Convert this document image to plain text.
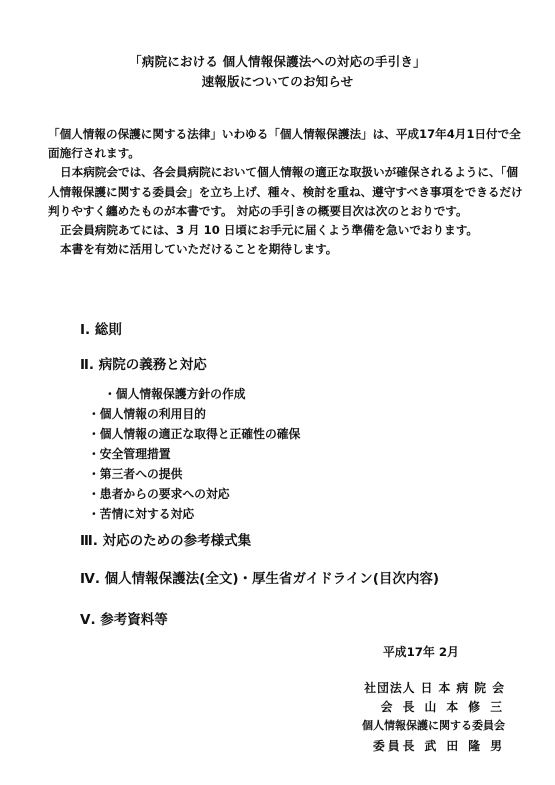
「病院における 個人情報保護法への対応の手引き」
速報版についてのお知らせ

「個人情報の保護に関する法律」いわゆる「個人情報保護法」は、平成17年4月1日付で全面施行されます。

日本病院会では、各会員病院において個人情報の適正な取扱いが確保されるように、「個人情報保護に関する委員会」を立ち上げ、種々、検討を重ね、遵守すべき事項をできるだけ判りやすく纏めたものが本書です。 対応の手引きの概要目次は次のとおりです。

正会員病院あてには、3 月 10 日頃にお手元に届くよう準備を急いでおります。

本書を有効に活用していただけることを期待します。

Ⅰ. 総則
Ⅱ. 病院の義務と対応
・個人情報保護方針の作成
・個人情報の利用目的
・個人情報の適正な取得と正確性の確保
・安全管理措置
・第三者への提供
・患者からの要求への対応
・苦情に対する対応
Ⅲ. 対応のための参考様式集
Ⅳ. 個人情報保護法(全文)・厚生省ガイドライン(目次内容)
Ⅴ. 参考資料等
平成17年 2月
社団法人 日 本 病 院 会
会 長 山 本 修 三
個人情報保護に関する委員会
委員長 武 田 隆 男
